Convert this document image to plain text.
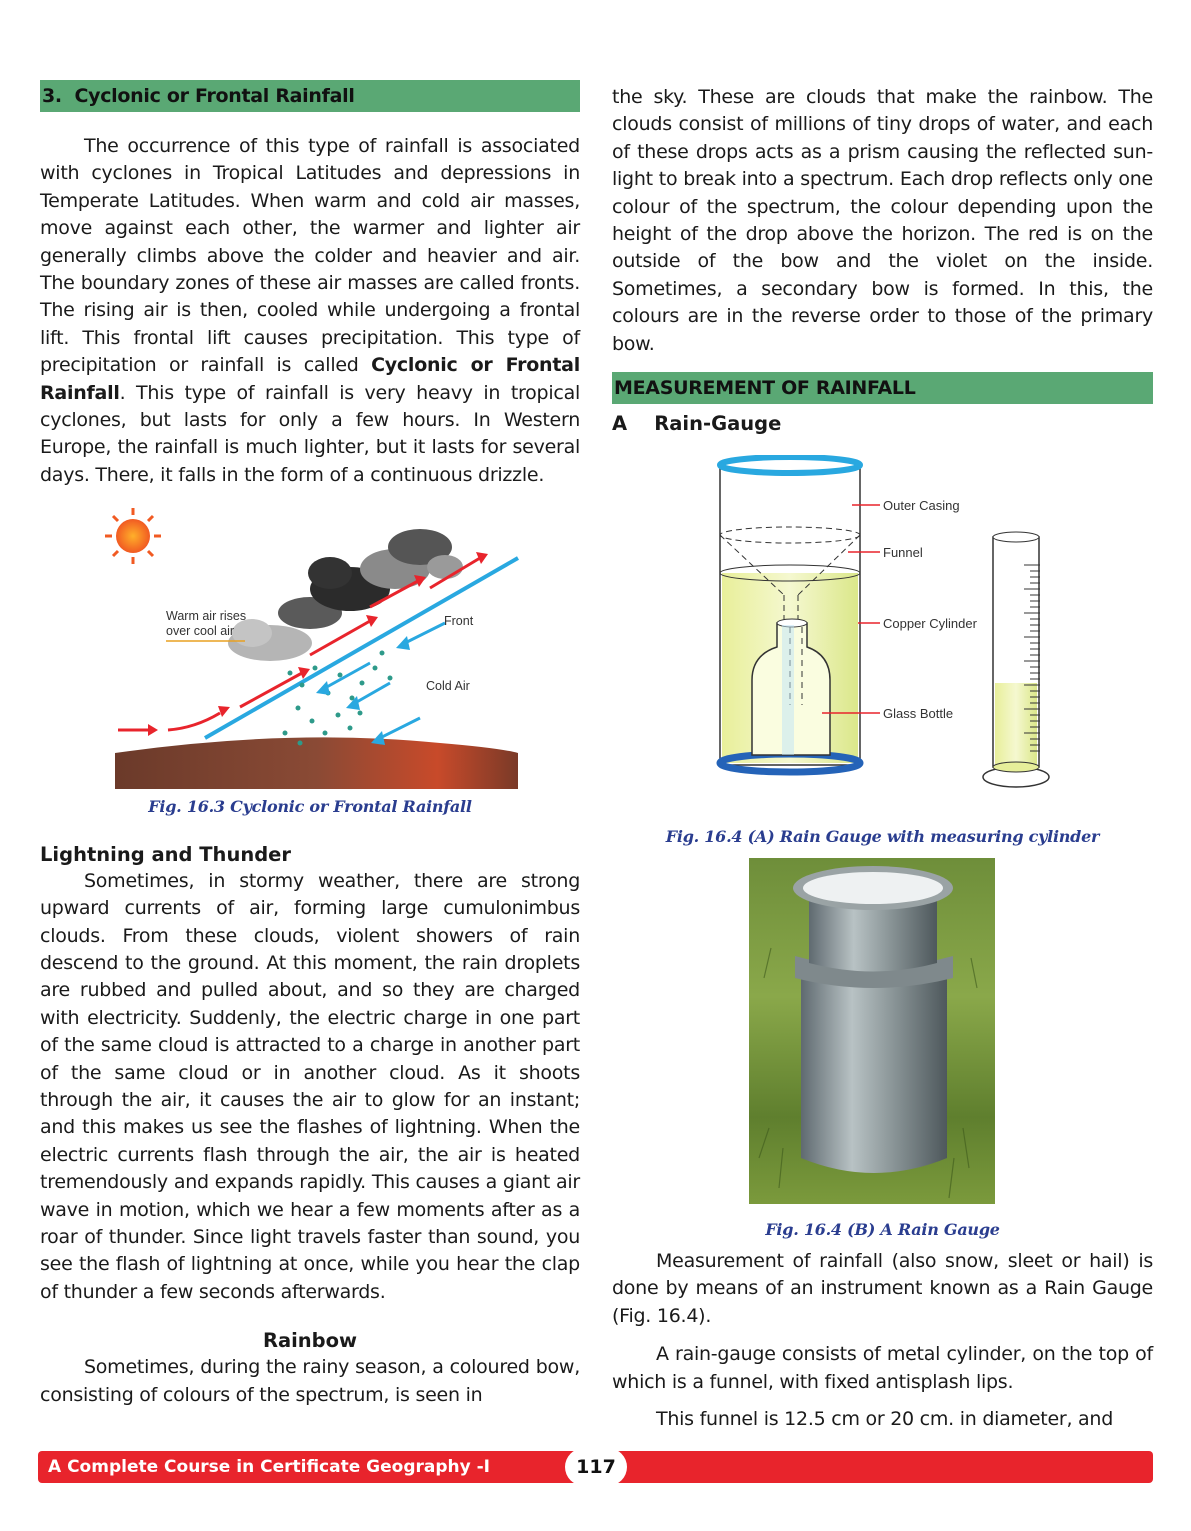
3.  Cyclonic or Frontal Rainfall

The occurrence of this type of rainfall is associated with cyclones in Tropical Latitudes and depressions in Temperate Latitudes. When warm and cold air masses, move against each other, the warmer and lighter air generally climbs above the colder and heavier and air. The boundary zones of these air masses are called fronts. The rising air is then, cooled while undergoing a frontal lift. This frontal lift causes precipitation. This type of precipitation or rainfall is called Cyclonic or Frontal Rainfall. This type of rainfall is very heavy in tropical cyclones, but lasts for only a few hours. In Western Europe, the rainfall is much lighter, but it lasts for several days. There, it falls in the form of a continuous drizzle.

Warm air rises
over cool air
Front
Cold Air

Fig. 16.3 Cyclonic or Frontal Rainfall

Lightning and Thunder

Sometimes, in stormy weather, there are strong upward currents of air, forming large cumulonimbus clouds. From these clouds, violent showers of rain descend to the ground. At this moment, the rain droplets are rubbed and pulled about, and so they are charged with electricity. Suddenly, the electric charge in one part of the same cloud is attracted to a charge in another part of the same cloud or in another cloud. As it shoots through the air, it causes the air to glow for an instant; and this makes us see the flashes of lightning. When the electric currents flash through the air, the air is heated tremendously and expands rapidly. This causes a giant air wave in motion, which we hear a few moments after as a roar of thunder. Since light travels faster than sound, you see the flash of lightning at once, while you hear the clap of thunder a few seconds afterwards.

Rainbow

Sometimes, during the rainy season, a coloured bow, consisting of colours of the spectrum, is seen in

the sky. These are clouds that make the rainbow. The clouds consist of millions of tiny drops of water, and each of these drops acts as a prism causing the reflected sun-light to break into a spectrum. Each drop reflects only one colour of the spectrum, the colour depending upon the height of the drop above the horizon. The red is on the outside of the bow and the violet on the inside. Sometimes, a secondary bow is formed. In this, the colours are in the reverse order to those of the primary bow.

MEASUREMENT OF RAINFALL
A    Rain-Gauge
Outer Casing
Funnel
Copper Cylinder
Glass Bottle

Fig. 16.4 (A) Rain Gauge with measuring cylinder

Fig. 16.4 (B) A Rain Gauge

Measurement of rainfall (also snow, sleet or hail) is done by means of an instrument known as a Rain Gauge (Fig. 16.4).

A rain-gauge consists of metal cylinder, on the top of which is a funnel, with fixed antisplash lips.

This funnel is 12.5 cm or 20 cm. in diameter, and

A Complete Course in Certificate Geography -I	117
